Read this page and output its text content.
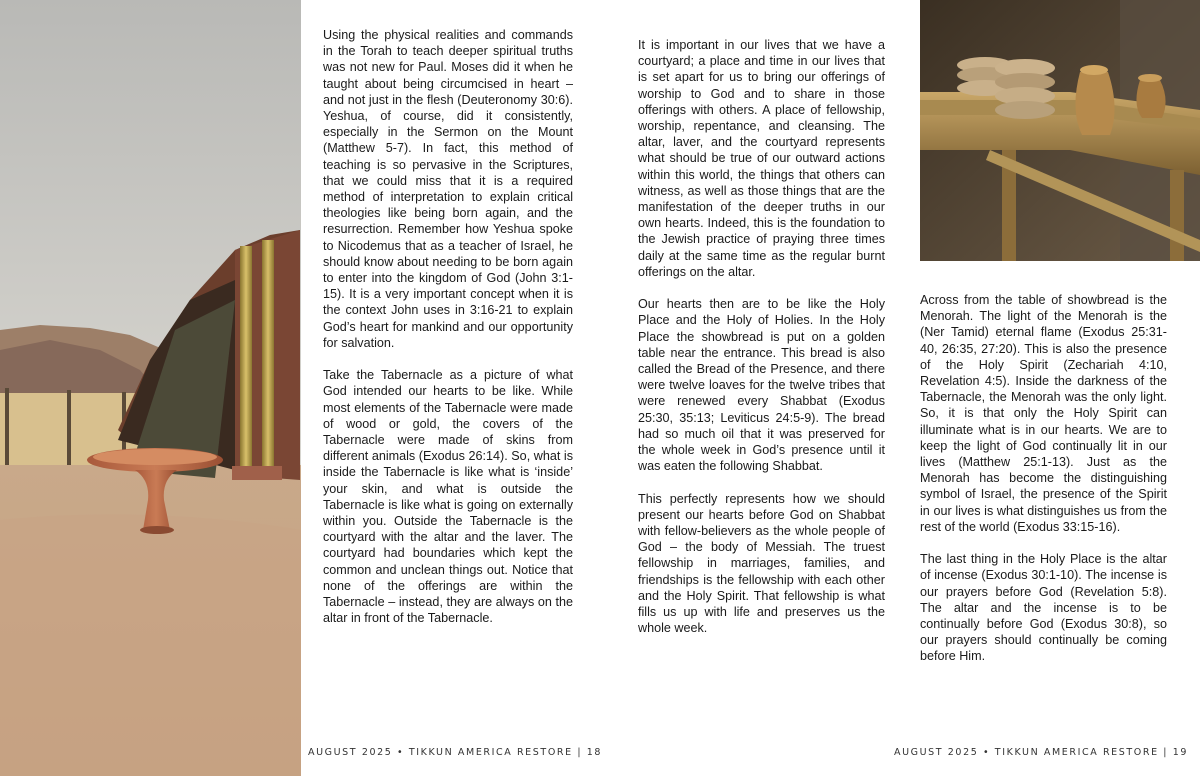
Using the physical realities and commands in the Torah to teach deeper spiritual truths was not new for Paul. Moses did it when he taught about being circumcised in heart – and not just in the flesh (Deuteronomy 30:6). Yeshua, of course, did it consistently, especially in the Sermon on the Mount (Matthew 5-7). In fact, this method of teaching is so pervasive in the Scriptures, that we could miss that it is a required method of interpretation to explain critical theologies like being born again, and the resurrection. Remember how Yeshua spoke to Nicodemus that as a teacher of Israel, he should know about needing to be born again to enter into the kingdom of God (John 3:1-15). It is a very important concept when it is the context John uses in 3:16-21 to explain God’s heart for mankind and our opportunity for salvation.

Take the Tabernacle as a picture of what God intended our hearts to be like. While most elements of the Tabernacle were made of wood or gold, the covers of the Tabernacle were made of skins from different animals (Exodus 26:14). So, what is inside the Tabernacle is like what is ‘inside’ your skin, and what is outside the Tabernacle is like what is going on externally within you. Outside the Tabernacle is the courtyard with the altar and the laver. The courtyard had boundaries which kept the common and unclean things out. Notice that none of the offerings are within the Tabernacle – instead, they are always on the altar in front of the Tabernacle.

It is important in our lives that we have a courtyard; a place and time in our lives that is set apart for us to bring our offerings of worship to God and to share in those offerings with others. A place of fellowship, worship, repentance, and cleansing. The altar, laver, and the courtyard represents what should be true of our outward actions within this world, the things that others can witness, as well as those things that are the manifestation of the deeper truths in our own hearts. Indeed, this is the foundation to the Jewish practice of praying three times daily at the same time as the regular burnt offerings on the altar.

Our hearts then are to be like the Holy Place and the Holy of Holies. In the Holy Place the showbread is put on a golden table near the entrance. This bread is also called the Bread of the Presence, and there were twelve loaves for the twelve tribes that were renewed every Shabbat (Exodus 25:30, 35:13; Leviticus 24:5-9). The bread had so much oil that it was preserved for the whole week in God’s presence until it was eaten the following Shabbat.

This perfectly represents how we should present our hearts before God on Shabbat with fellow-believers as the whole people of God – the body of Messiah. The truest fellowship in marriages, families, and friendships is the fellowship with each other and the Holy Spirit. That fellowship is what fills us up with life and preserves us the whole week.

Across from the table of showbread is the Menorah. The light of the Menorah is the (Ner Tamid) eternal flame (Exodus 25:31-40, 26:35, 27:20). This is also the presence of the Holy Spirit (Zechariah 4:10, Revelation 4:5). Inside the darkness of the Tabernacle, the Menorah was the only light. So, it is that only the Holy Spirit can illuminate what is in our hearts. We are to keep the light of God continually lit in our lives (Matthew 25:1-13). Just as the Menorah has become the distinguishing symbol of Israel, the presence of the Spirit in our lives is what distinguishes us from the rest of the world (Exodus 33:15-16).

The last thing in the Holy Place is the altar of incense (Exodus 30:1-10). The incense is our prayers before God (Revelation 5:8). The altar and the incense is to be continually before God (Exodus 30:8), so our prayers should continually be coming before Him.

AUGUST 2025 • TIKKUN AMERICA RESTORE | 18	AUGUST 2025 • TIKKUN AMERICA RESTORE | 19
